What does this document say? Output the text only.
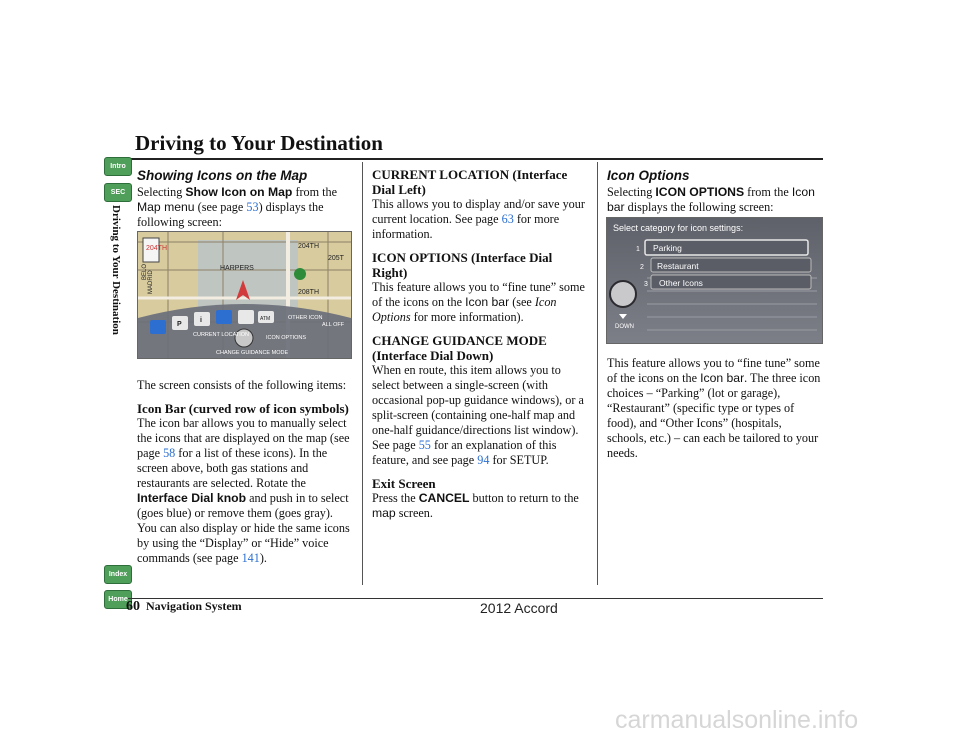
Driving to Your Destination
Intro
SEC
Index
Home
Driving to Your Destination
Showing Icons on the Map

Selecting Show Icon on Map from the Map menu (see page 53) displays the following screen:

The screen consists of the following items:

Icon Bar (curved row of icon symbols)

The icon bar allows you to manually select the icons that are displayed on the map (see page 58 for a list of these icons). In the screen above, both gas stations and restaurants are selected. Rotate the Interface Dial knob and push in to select (goes blue) or remove them (goes gray). You can also display or hide the same icons by using the “Display” or “Hide” voice commands (see page 141).

204TH	204TH
205T
208TH
HARPERS
MADRID
BELO
P
i	ATM	OTHER ICON
ALL OFF
CURRENT LOCATION	ICON OPTIONS
CHANGE GUIDANCE MODE
CURRENT LOCATION (Interface Dial Left)

This allows you to display and/or save your current location. See page 63 for more information.

ICON OPTIONS (Interface Dial Right)

This feature allows you to “fine tune” some of the icons on the Icon bar (see Icon Options for more information).

CHANGE GUIDANCE MODE (Interface Dial Down)

When en route, this item allows you to select between a single-screen (with occasional pop-up guidance windows), or a split-screen (containing one-half map and one-half guidance/directions list window). See page 55 for an explanation of this feature, and see page 94 for SETUP.

Exit Screen

Press the CANCEL button to return to the map screen.

Icon Options

Selecting ICON OPTIONS from the Icon bar displays the following screen:

This feature allows you to “fine tune” some of the icons on the Icon bar. The three icon choices – “Parking” (lot or garage), “Restaurant” (specific type or types of food), and “Other Icons” (hospitals, schools, etc.) – can each be tailored to your needs.

Select category for icon settings:
1 Parking
2 Restaurant
3 Other Icons
DOWN
60 Navigation System	2012 Accord
carmanualsonline.info
